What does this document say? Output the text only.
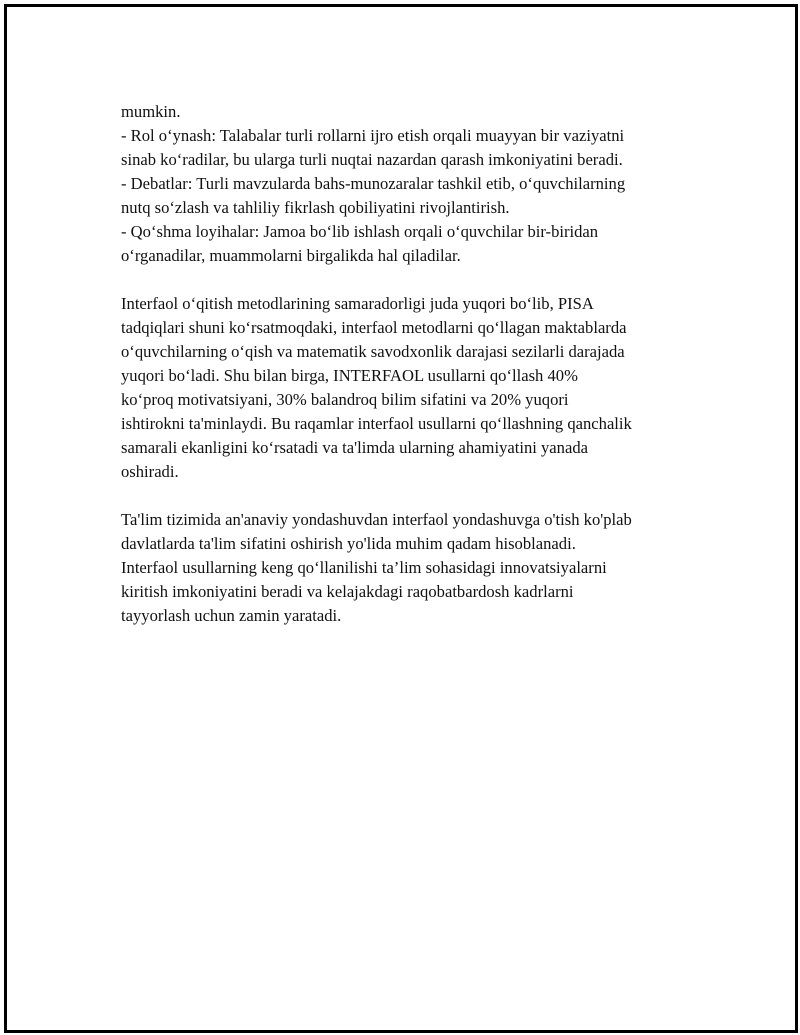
mumkin.
- Rol o‘ynash: Talabalar turli rollarni ijro etish orqali muayyan bir vaziyatni
sinab ko‘radilar, bu ularga turli nuqtai nazardan qarash imkoniyatini beradi.
- Debatlar: Turli mavzularda bahs-munozaralar tashkil etib, o‘quvchilarning
nutq so‘zlash va tahliliy fikrlash qobiliyatini rivojlantirish.
- Qo‘shma loyihalar: Jamoa bo‘lib ishlash orqali o‘quvchilar bir-biridan
o‘rganadilar, muammolarni birgalikda hal qiladilar.
Interfaol o‘qitish metodlarining samaradorligi juda yuqori bo‘lib, PISA
tadqiqlari shuni ko‘rsatmoqdaki, interfaol metodlarni qo‘llagan maktablarda
o‘quvchilarning o‘qish va matematik savodxonlik darajasi sezilarli darajada
yuqori bo‘ladi. Shu bilan birga, INTERFAOL usullarni qo‘llash 40%
ko‘proq motivatsiyani, 30% balandroq bilim sifatini va 20% yuqori
ishtirokni ta'minlaydi. Bu raqamlar interfaol usullarni qo‘llashning qanchalik
samarali ekanligini ko‘rsatadi va ta'limda ularning ahamiyatini yanada
oshiradi.
Ta'lim tizimida an'anaviy yondashuvdan interfaol yondashuvga o'tish ko'plab
davlatlarda ta'lim sifatini oshirish yo'lida muhim qadam hisoblanadi.
Interfaol usullarning keng qo‘llanilishi ta’lim sohasidagi innovatsiyalarni
kiritish imkoniyatini beradi va kelajakdagi raqobatbardosh kadrlarni
tayyorlash uchun zamin yaratadi.
